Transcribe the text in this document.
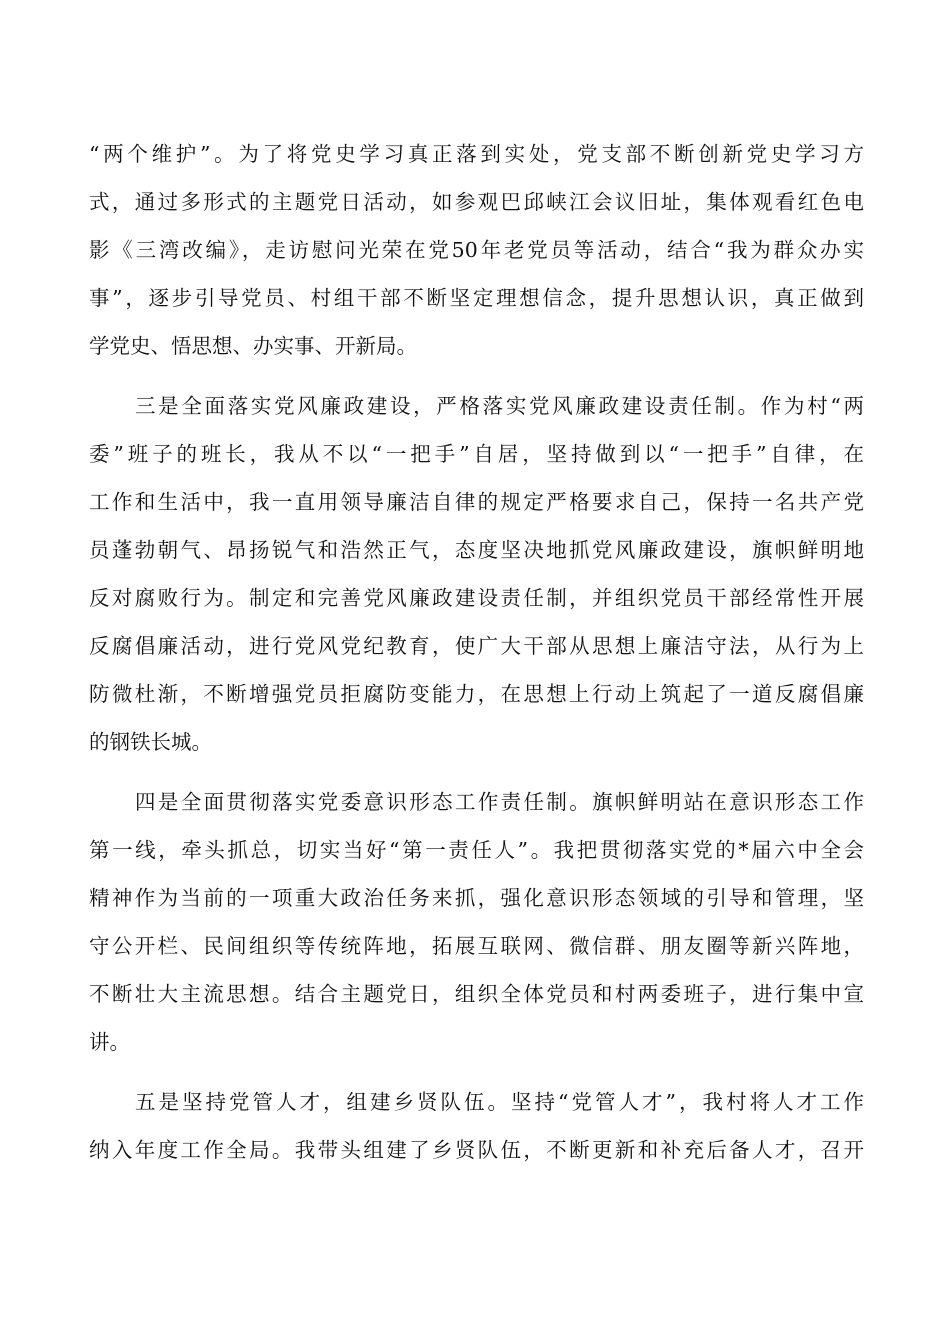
“两个维护”。为了将党史学习真正落到实处，党支部不断创新党史学习方
式，通过多形式的主题党日活动，如参观巴邱峡江会议旧址，集体观看红色电
影《三湾改编》，走访慰问光荣在党50年老党员等活动，结合“我为群众办实
事”，逐步引导党员、村组干部不断坚定理想信念，提升思想认识，真正做到
学党史、悟思想、办实事、开新局。
三是全面落实党风廉政建设，严格落实党风廉政建设责任制。作为村“两
委”班子的班长，我从不以“一把手”自居，坚持做到以“一把手”自律，在
工作和生活中，我一直用领导廉洁自律的规定严格要求自己，保持一名共产党
员蓬勃朝气、昂扬锐气和浩然正气，态度坚决地抓党风廉政建设，旗帜鲜明地
反对腐败行为。制定和完善党风廉政建设责任制，并组织党员干部经常性开展
反腐倡廉活动，进行党风党纪教育，使广大干部从思想上廉洁守法，从行为上
防微杜渐，不断增强党员拒腐防变能力，在思想上行动上筑起了一道反腐倡廉
的钢铁长城。
四是全面贯彻落实党委意识形态工作责任制。旗帜鲜明站在意识形态工作
第一线，牵头抓总，切实当好“第一责任人”。我把贯彻落实党的*届六中全会
精神作为当前的一项重大政治任务来抓，强化意识形态领域的引导和管理，坚
守公开栏、民间组织等传统阵地，拓展互联网、微信群、朋友圈等新兴阵地，
不断壮大主流思想。结合主题党日，组织全体党员和村两委班子，进行集中宣
讲。
五是坚持党管人才，组建乡贤队伍。坚持“党管人才”，我村将人才工作
纳入年度工作全局。我带头组建了乡贤队伍，不断更新和补充后备人才，召开
